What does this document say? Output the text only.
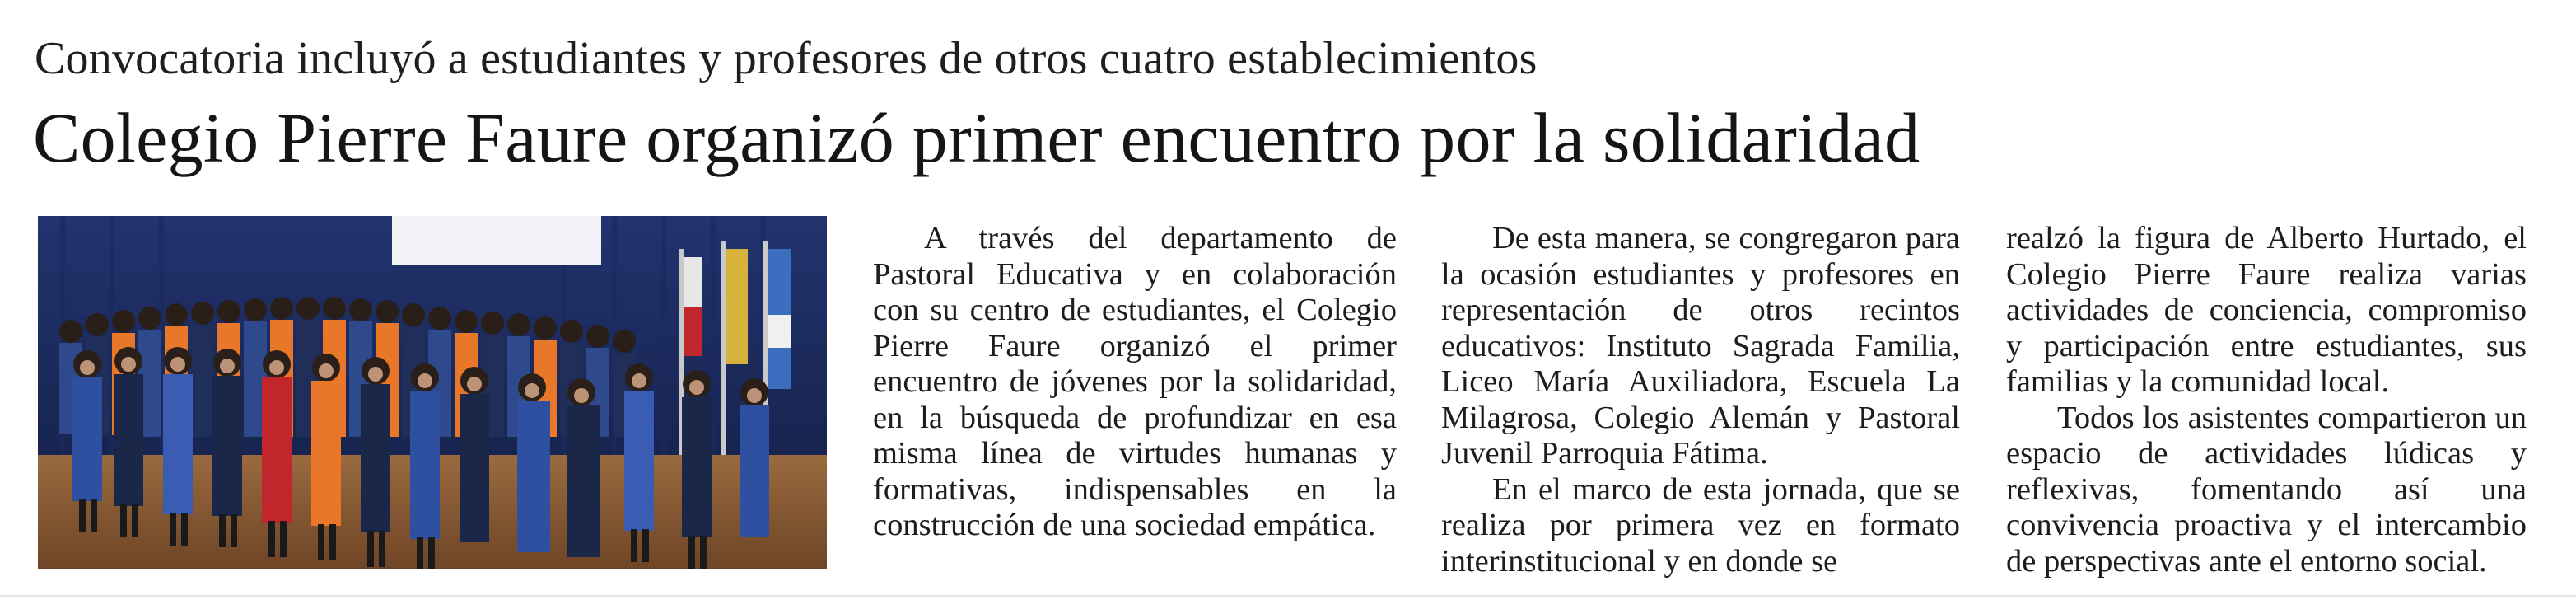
Convocatoria incluyó a estudiantes y profesores de otros cuatro establecimientos
Colegio Pierre Faure organizó primer encuentro por la solidaridad

A través del departamento de Pastoral Educativa y en colaboración con su centro de estudiantes, el Colegio Pierre Faure organizó el primer encuentro de jóvenes por la solidaridad, en la búsqueda de profundizar en esa misma línea de virtudes humanas y formativas, indispensables en la construcción de una sociedad empática.

De esta manera, se congregaron para la ocasión estudiantes y profesores en representación de otros recintos educativos: Instituto Sagrada Familia, Liceo María Auxiliadora, Escuela La Milagrosa, Colegio Alemán y Pastoral Juvenil Parroquia Fátima.

En el marco de esta jornada, que se realiza por primera vez en formato interinstitucional y en donde se

realzó la figura de Alberto Hurtado, el Colegio Pierre Faure realiza varias actividades de conciencia, compromiso y participación entre estudiantes, sus familias y la comunidad local.

Todos los asistentes compartieron un espacio de actividades lúdicas y reflexivas, fomentando así una convivencia proactiva y el intercambio de perspectivas ante el entorno social.
